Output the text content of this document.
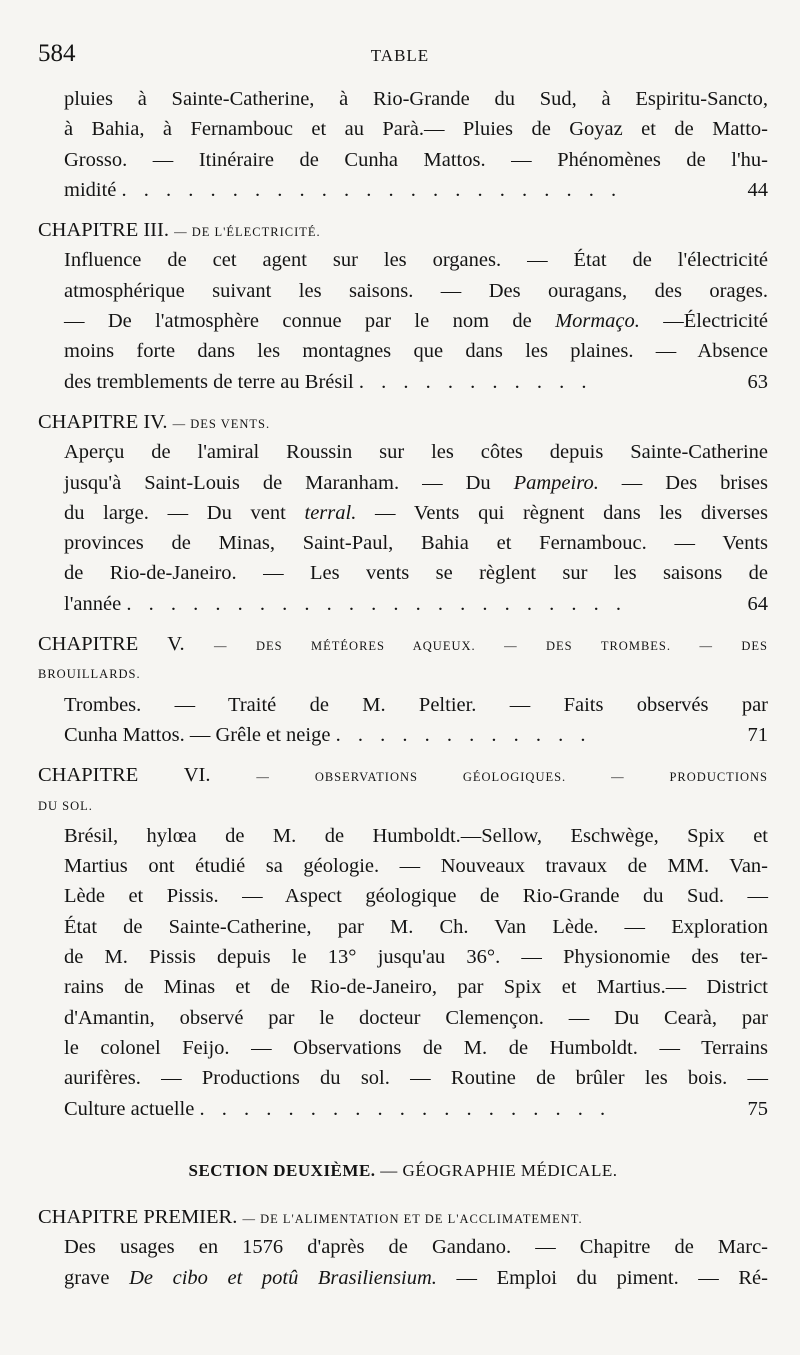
584	TABLE
pluies à Sainte-Catherine, à Rio-Grande du Sud, à Espiritu-Sancto,
à Bahia, à Fernambouc et au Parà.— Pluies de Goyaz et de Matto-
Grosso. — Itinéraire de Cunha Mattos. — Phénomènes de l'hu-
midité . . . . . . . . . . . . . . . . . . . . . . .	44
CHAPITRE III. — DE L'ÉLECTRICITÉ.
Influence de cet agent sur les organes. — État de l'électricité
atmosphérique suivant les saisons. — Des ouragans, des orages.
— De l'atmosphère connue par le nom de Mormaço. —Électricité
moins forte dans les montagnes que dans les plaines. — Absence
des tremblements de terre au Brésil . . . . . . . . . . .	63
CHAPITRE IV. — DES VENTS.
Aperçu de l'amiral Roussin sur les côtes depuis Sainte-Catherine
jusqu'à Saint-Louis de Maranham. — Du Pampeiro. — Des brises
du large. — Du vent terral. — Vents qui règnent dans les diverses
provinces de Minas, Saint-Paul, Bahia et Fernambouc. — Vents
de Rio-de-Janeiro. — Les vents se règlent sur les saisons de
l'année . . . . . . . . . . . . . . . . . . . . . . .	64
CHAPITRE V. — DES MÉTÉORES AQUEUX. — DES TROMBES. — DES
BROUILLARDS.
Trombes. — Traité de M. Peltier. — Faits observés par
Cunha Mattos. — Grêle et neige . . . . . . . . . . . .	71
CHAPITRE VI.	— OBSERVATIONS GÉOLOGIQUES. — PRODUCTIONS
DU SOL.
Brésil, hylœa de M. de Humboldt.—Sellow, Eschwège, Spix et
Martius ont étudié sa géologie. — Nouveaux travaux de MM. Van-
Lède et Pissis. — Aspect géologique de Rio-Grande du Sud. —
État de Sainte-Catherine, par M. Ch. Van Lède. — Exploration
de M. Pissis depuis le 13° jusqu'au 36°. — Physionomie des ter-
rains de Minas et de Rio-de-Janeiro, par Spix et Martius.— District
d'Amantin, observé par le docteur Clemençon. — Du Cearà, par
le colonel Feijo. — Observations de M. de Humboldt. — Terrains
aurifères. — Productions du sol. — Routine de brûler les bois. —
Culture actuelle . . . . . . . . . . . . . . . . . . .	75
SECTION DEUXIÈME. — GÉOGRAPHIE MÉDICALE.
CHAPITRE PREMIER. — DE L'ALIMENTATION ET DE L'ACCLIMATEMENT.
Des usages en 1576 d'après de Gandano. — Chapitre de Marc-
grave De cibo et potû Brasiliensium. — Emploi du piment. — Ré-
